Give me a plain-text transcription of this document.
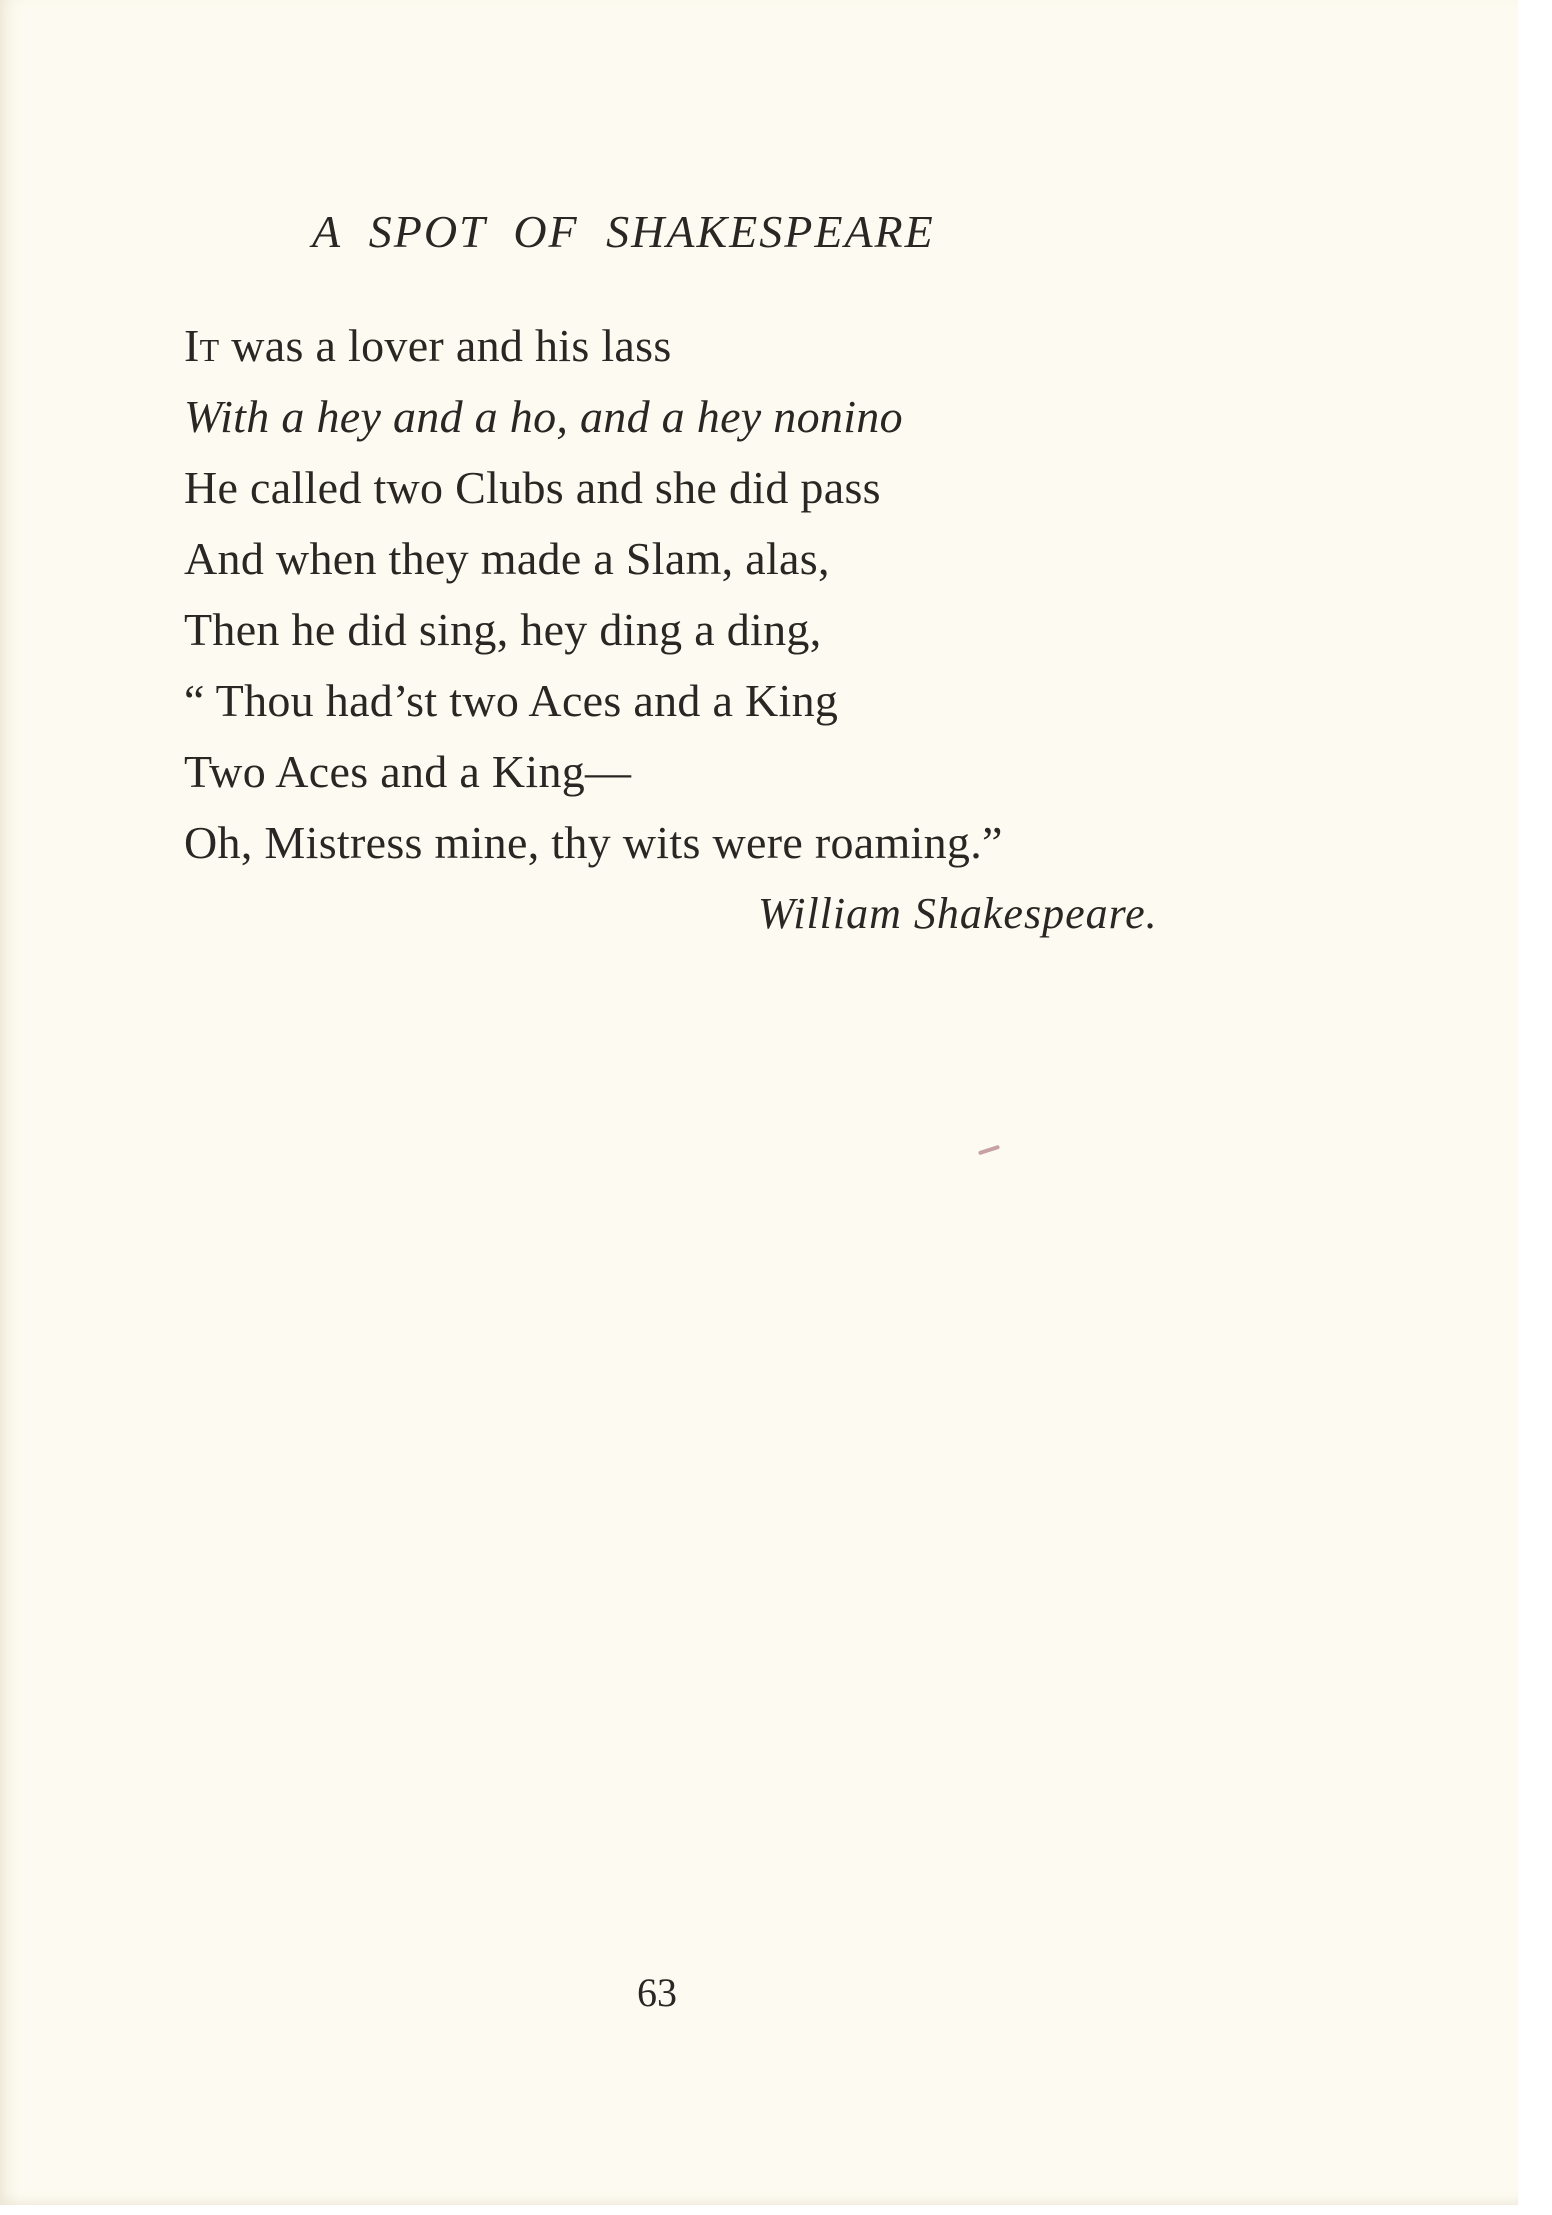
A SPOT OF SHAKESPEARE
It was a lover and his lass
With a hey and a ho, and a hey nonino
He called two Clubs and she did pass
And when they made a Slam, alas,
Then he did sing, hey ding a ding,
“ Thou had’st two Aces and a King
Two Aces and a King—
Oh, Mistress mine, thy wits were roaming.”
William Shakespeare.
63
